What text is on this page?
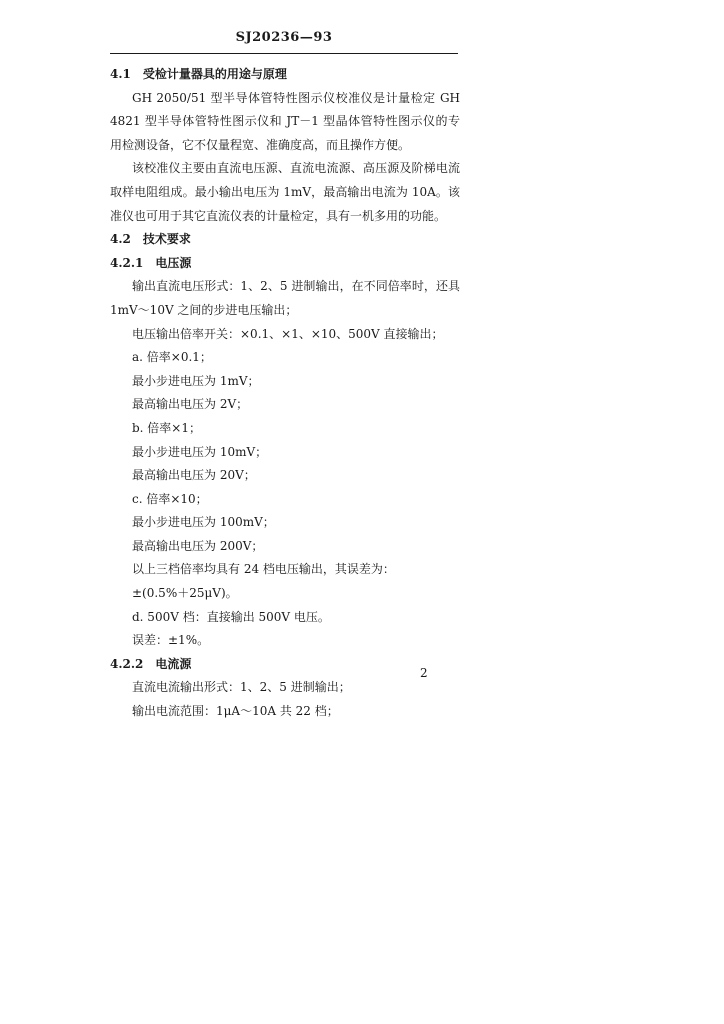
SJ20236—93
4.1 受检计量器具的用途与原理
GH 2050/51 型半导体管特性图示仪校准仪是计量检定 GH
4821 型半导体管特性图示仪和 JT－1 型晶体管特性图示仪的专
用检测设备，它不仅量程宽、准确度高，而且操作方便。
该校准仪主要由直流电压源、直流电流源、高压源及阶梯电流
取样电阻组成。最小输出电压为 1mV，最高输出电流为 10A。该
准仪也可用于其它直流仪表的计量检定，具有一机多用的功能。
4.2 技术要求
4.2.1 电压源
输出直流电压形式：1、2、5 进制输出，在不同倍率时，还具
1mV～10V 之间的步进电压输出；
电压输出倍率开关：×0.1、×1、×10、500V 直接输出；
a. 倍率×0.1；
最小步进电压为 1mV；
最高输出电压为 2V；
b. 倍率×1；
最小步进电压为 10mV；
最高输出电压为 20V；
c. 倍率×10；
最小步进电压为 100mV；
最高输出电压为 200V；
以上三档倍率均具有 24 档电压输出，其误差为：
±(0.5%＋25μV)。
d. 500V 档：直接输出 500V 电压。
误差：±1%。
4.2.2 电流源
直流电流输出形式：1、2、5 进制输出；
输出电流范围：1μA～10A 共 22 档；
2
